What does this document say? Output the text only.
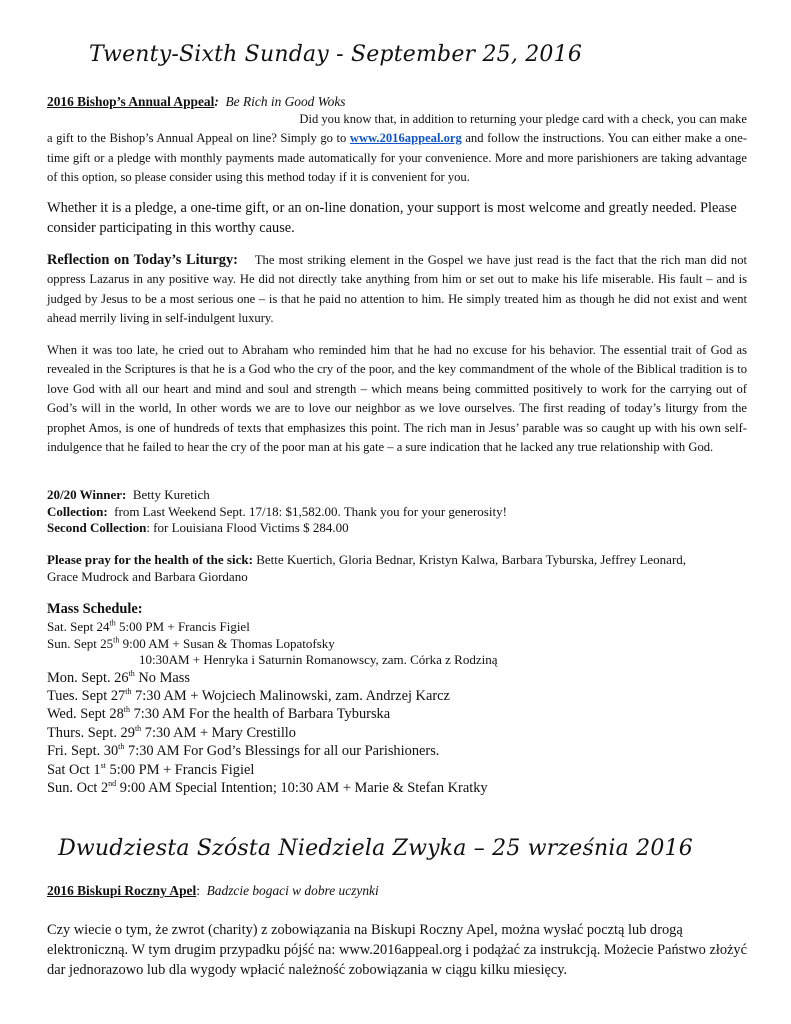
Twenty-Sixth Sunday - September 25, 2016
2016 Bishop’s Annual Appeal: Be Rich in Good Woks
Did you know that, in addition to returning your pledge card with a check, you can make
a gift to the Bishop’s Annual Appeal on line? Simply go to www.2016appeal.org and follow the instructions. You can either make a one-time gift or a pledge with monthly payments made automatically for your convenience. More and more parishioners are taking advantage of this option, so please consider using this method today if it is convenient for you.
Whether it is a pledge, a one-time gift, or an on-line donation, your support is most welcome and greatly needed. Please consider participating in this worthy cause.
Reflection on Today’s Liturgy: The most striking element in the Gospel we have just read is the fact that the rich man did not oppress Lazarus in any positive way. He did not directly take anything from him or set out to make his life miserable. His fault – and is judged by Jesus to be a most serious one – is that he paid no attention to him. He simply treated him as though he did not exist and went ahead merrily living in self-indulgent luxury.
When it was too late, he cried out to Abraham who reminded him that he had no excuse for his behavior. The essential trait of God as revealed in the Scriptures is that he is a God who the cry of the poor, and the key commandment of the whole of the Biblical tradition is to love God with all our heart and mind and soul and strength – which means being committed positively to work for the carrying out of God’s will in the world, In other words we are to love our neighbor as we love ourselves. The first reading of today’s liturgy from the prophet Amos, is one of hundreds of texts that emphasizes this point. The rich man in Jesus’ parable was so caught up with his own self-indulgence that he failed to hear the cry of the poor man at his gate – a sure indication that he lacked any true relationship with God.
20/20 Winner: Betty Kuretich
Collection: from Last Weekend Sept. 17/18: $1,582.00. Thank you for your generosity!
Second Collection: for Louisiana Flood Victims $ 284.00
Please pray for the health of the sick: Bette Kuertich, Gloria Bednar, Kristyn Kalwa, Barbara Tyburska, Jeffrey Leonard, Grace Mudrock and Barbara Giordano
Mass Schedule:
Sat. Sept 24th 5:00 PM + Francis Figiel
Sun. Sept 25th 9:00 AM + Susan & Thomas Lopatofsky
10:30AM + Henryka i Saturnin Romanowscy, zam. Córka z Rodziną
Mon. Sept. 26th No Mass
Tues. Sept 27th 7:30 AM + Wojciech Malinowski, zam. Andrzej Karcz
Wed. Sept 28th 7:30 AM For the health of Barbara Tyburska
Thurs. Sept. 29th 7:30 AM + Mary Crestillo
Fri. Sept. 30th 7:30 AM For God’s Blessings for all our Parishioners.
Sat Oct 1st 5:00 PM + Francis Figiel
Sun. Oct 2nd 9:00 AM Special Intention; 10:30 AM + Marie & Stefan Kratky
Dwudziesta Szósta Niedziela Zwyka – 25 września 2016
2016 Biskupi Roczny Apel: Badzcie bogaci w dobre uczynki
Czy wiecie o tym, że zwrot (charity) z zobowiązania na Biskupi Roczny Apel, można wysłać pocztą lub drogą elektroniczną. W tym drugim przypadku pójść na: www.2016appeal.org i podążać za instrukcją. Możecie Państwo złożyć dar jednorazowo lub dla wygody wpłacić należność zobowiązania w ciągu kilku miesięcy.
